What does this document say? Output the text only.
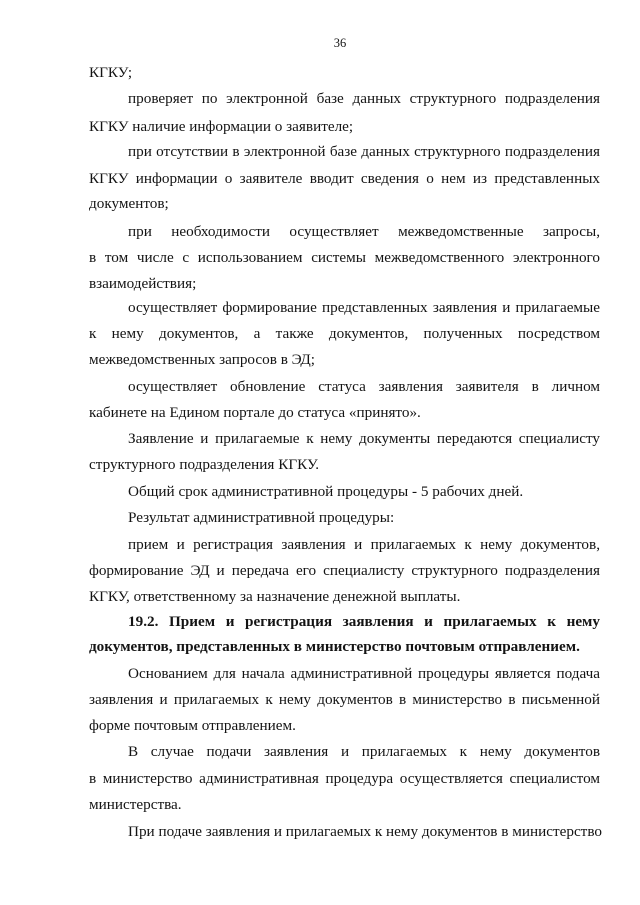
36
КГКУ;
проверяет по электронной базе данных структурного подразделения
КГКУ наличие информации о заявителе;
при отсутствии в электронной базе данных структурного подразделения
КГКУ информации о заявителе вводит сведения о нем из представленных
документов;
при необходимости осуществляет межведомственные запросы,
в том числе с использованием системы межведомственного электронного
взаимодействия;
осуществляет формирование представленных заявления и прилагаемые
к нему документов, а также документов, полученных посредством
межведомственных запросов в ЭД;
осуществляет обновление статуса заявления заявителя в личном
кабинете на Едином портале до статуса «принято».
Заявление и прилагаемые к нему документы передаются специалисту
структурного подразделения КГКУ.
Общий срок административной процедуры - 5 рабочих дней.
Результат административной процедуры:
прием и регистрация заявления и прилагаемых к нему документов,
формирование ЭД и передача его специалисту структурного подразделения
КГКУ, ответственному за назначение денежной выплаты.
19.2. Прием и регистрация заявления и прилагаемых к нему
документов, представленных в министерство почтовым отправлением.
Основанием для начала административной процедуры является подача
заявления и прилагаемых к нему документов в министерство в письменной
форме почтовым отправлением.
В случае подачи заявления и прилагаемых к нему документов
в министерство административная процедура осуществляется специалистом
министерства.
При подаче заявления и прилагаемых к нему документов в министерство
